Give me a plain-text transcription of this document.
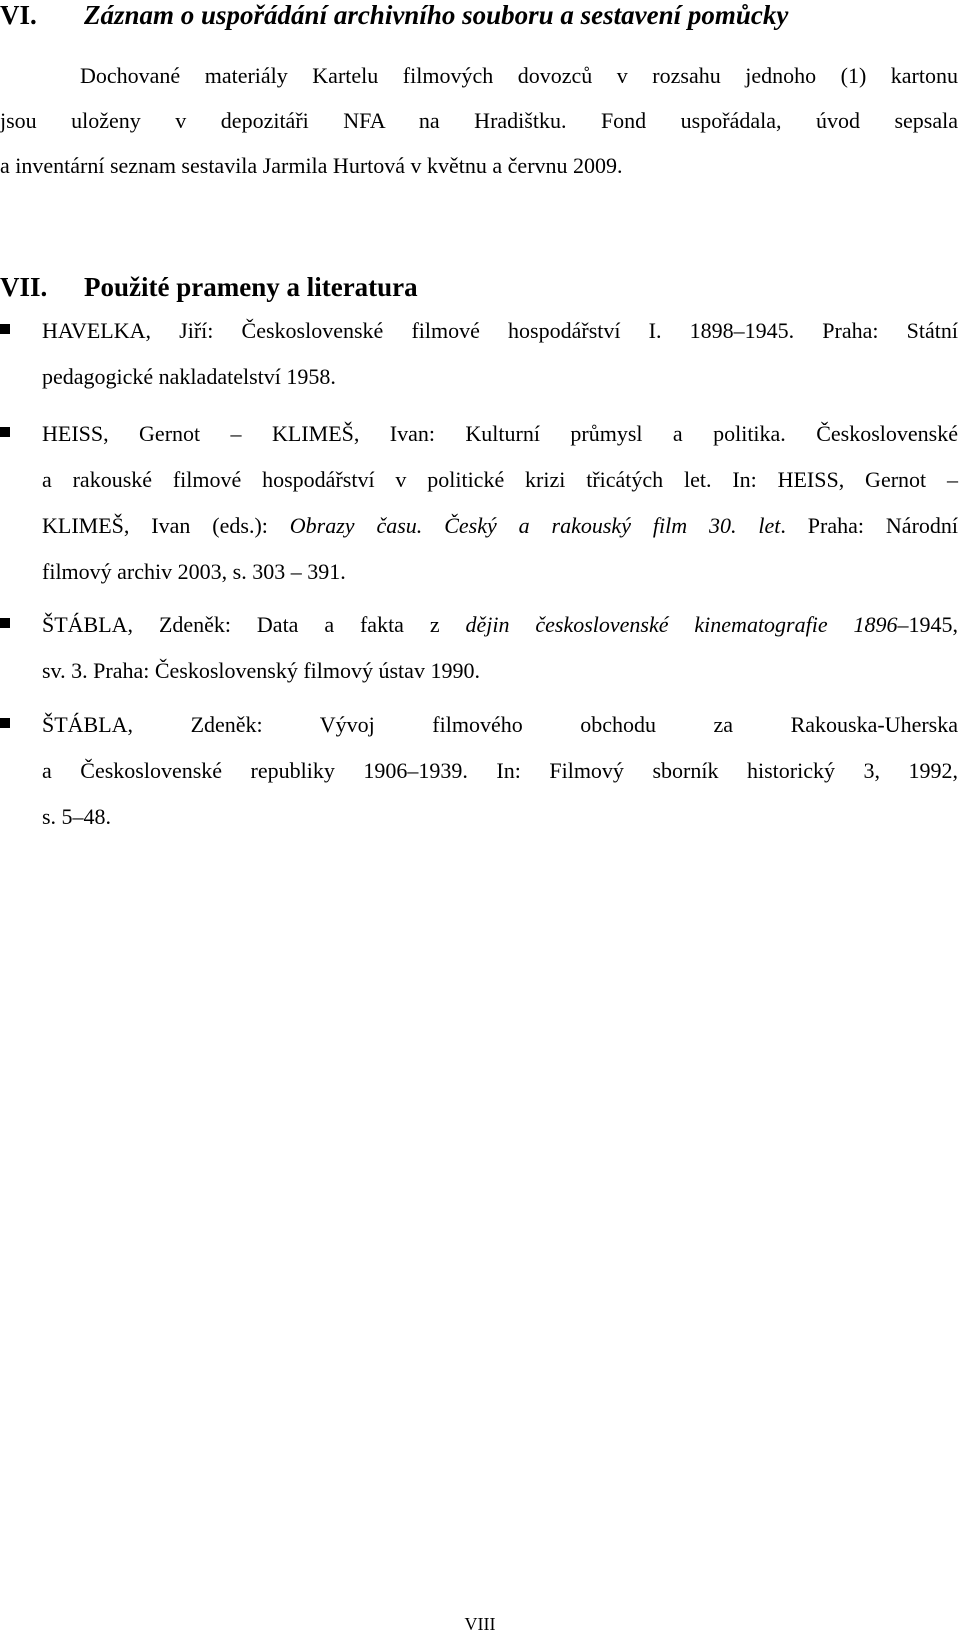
VI. Záznam o uspořádání archivního souboru a sestavení pomůcky
Dochované materiály Kartelu filmových dovozců v rozsahu jednoho (1) kartonu
jsou uloženy v depozitáři NFA na Hradištku. Fond uspořádala, úvod sepsala
a inventární seznam sestavila Jarmila Hurtová v květnu a červnu 2009.
VII. Použité prameny a literatura
HAVELKA, Jiří: Československé filmové hospodářství I. 1898–1945. Praha: Státní
pedagogické nakladatelství 1958.
HEISS, Gernot – KLIMEŠ, Ivan: Kulturní průmysl a politika. Československé
a rakouské filmové hospodářství v politické krizi třicátých let. In: HEISS, Gernot –
KLIMEŠ, Ivan (eds.): Obrazy času. Český a rakouský film 30. let. Praha: Národní
filmový archiv 2003, s. 303 – 391.
ŠTÁBLA, Zdeněk: Data a fakta z dějin československé kinematografie 1896–1945,
sv. 3. Praha: Československý filmový ústav 1990.
ŠTÁBLA, Zdeněk: Vývoj filmového obchodu za Rakouska-Uherska
a Československé republiky 1906–1939. In: Filmový sborník historický 3, 1992,
s. 5–48.
VIII
